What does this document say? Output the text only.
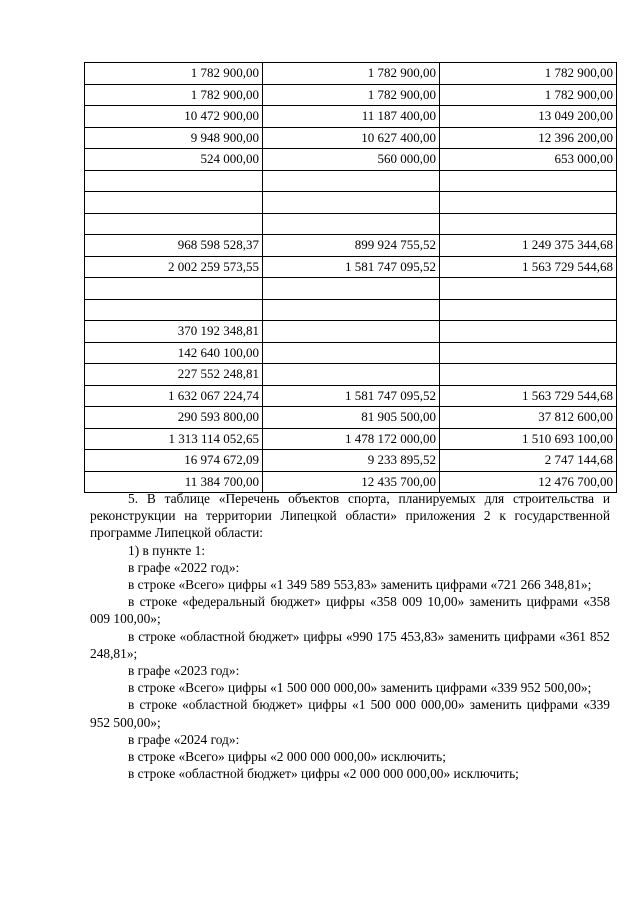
1 782 900,00	1 782 900,00	1 782 900,00
1 782 900,00	1 782 900,00	1 782 900,00
10 472 900,00	11 187 400,00	13 049 200,00
9 948 900,00	10 627 400,00	12 396 200,00
524 000,00	560 000,00	653 000,00

968 598 528,37	899 924 755,52	1 249 375 344,68
2 002 259 573,55	1 581 747 095,52	1 563 729 544,68

370 192 348,81		
142 640 100,00		
227 552 248,81		
1 632 067 224,74	1 581 747 095,52	1 563 729 544,68
290 593 800,00	81 905 500,00	37 812 600,00
1 313 114 052,65	1 478 172 000,00	1 510 693 100,00
16 974 672,09	9 233 895,52	2 747 144,68
11 384 700,00	12 435 700,00	12 476 700,00

5. В таблице «Перечень объектов спорта, планируемых для строительства и реконструкции на территории Липецкой области» приложения 2 к государственной программе Липецкой области:

1) в пункте 1:

в графе «2022 год»:

в строке «Всего» цифры «1 349 589 553,83» заменить цифрами «721 266 348,81»;

в строке «федеральный бюджет» цифры «358 009 10,00» заменить цифрами «358 009 100,00»;

в строке «областной бюджет» цифры «990 175 453,83» заменить цифрами «361 852 248,81»;

в графе «2023 год»:

в строке «Всего» цифры «1 500 000 000,00» заменить цифрами «339 952 500,00»;

в строке «областной бюджет» цифры «1 500 000 000,00» заменить цифрами «339 952 500,00»;

в графе «2024 год»:

в строке «Всего» цифры «2 000 000 000,00» исключить;

в строке «областной бюджет» цифры «2 000 000 000,00» исключить;
